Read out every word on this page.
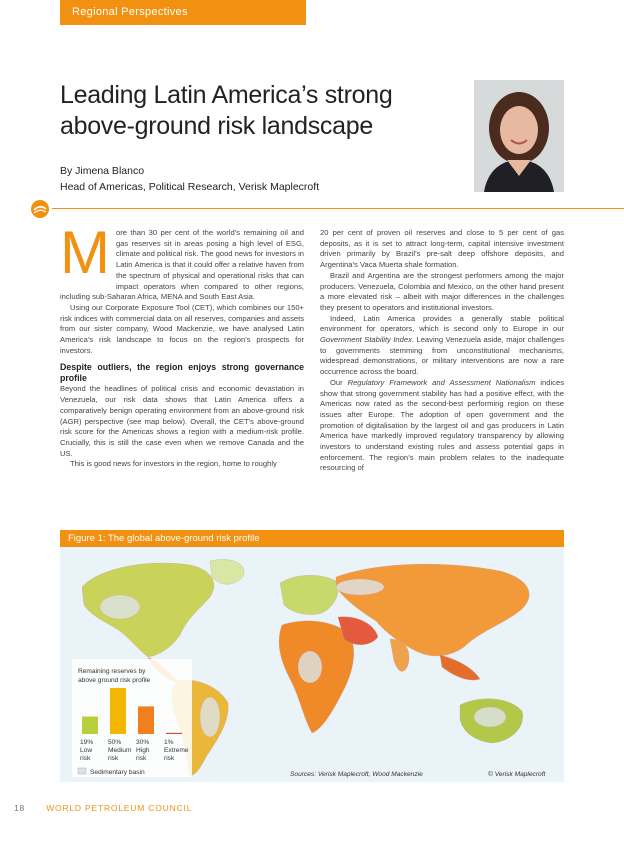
Regional Perspectives
Leading Latin America’s strong above-ground risk landscape
By Jimena Blanco
Head of Americas, Political Research, Verisk Maplecroft
M ore than 30 per cent of the world’s remaining oil and gas reserves sit in areas posing a high level of ESG, climate and political risk. The good news for investors in Latin America is that it could offer a relative haven from the spectrum of physical and operational risks that can impact operators when compared to other regions, including sub-Saharan Africa, MENA and South East Asia.

Using our Corporate Exposure Tool (CET), which combines our 150+ risk indices with commercial data on all reserves, companies and assets from our sister company, Wood Mackenzie, we have analysed Latin America’s risk landscape to focus on the region’s prospects for investors.

Despite outliers, the region enjoys strong governance profile

Beyond the headlines of political crisis and economic devastation in Venezuela, our risk data shows that Latin America offers a comparatively benign operating environment from an above-ground risk (AGR) perspective (see map below). Overall, the CET’s above-ground risk score for the Americas shows a region with a medium-risk profile. Crucially, this is still the case even when we remove Canada and the US.

This is good news for investors in the region, home to roughly

20 per cent of proven oil reserves and close to 5 per cent of gas deposits, as it is set to attract long-term, capital intensive investment driven primarily by Brazil’s pre-salt deep offshore deposits, and Argentina’s Vaca Muerta shale formation.

Brazil and Argentina are the strongest performers among the major producers. Venezuela, Colombia and Mexico, on the other hand present a more elevated risk – albeit with major differences in the challenges they present to operators and institutional investors.

Indeed, Latin America provides a generally stable political environment for operators, which is second only to Europe in our Government Stability Index. Leaving Venezuela aside, major challenges to governments stemming from unconstitutional mechanisms, widespread demonstrations, or military interventions are now a rare occurrence across the board.

Our Regulatory Framework and Assessment Nationalism indices show that strong government stability has had a positive effect, with the Americas now rated as the second-best performing region on these issues after Europe. The adoption of open government and the promotion of digitalisation by the largest oil and gas producers in Latin America have markedly improved regulatory transparency by allowing investors to understand existing rules and assess potential gaps in enforcement. The region’s main problem relates to the inadequate resourcing of

Figure 1: The global above-ground risk profile
Remaining reserves by
above ground risk profile
19%
Low
risk
50%
Medium
risk
30%
High
risk
1%
Extreme
risk
Sedimentary basin	Sources: Verisk Maplecroft, Wood Mackenzie	© Verisk Maplecroft
18 WORLD PETROLEUM COUNCIL
